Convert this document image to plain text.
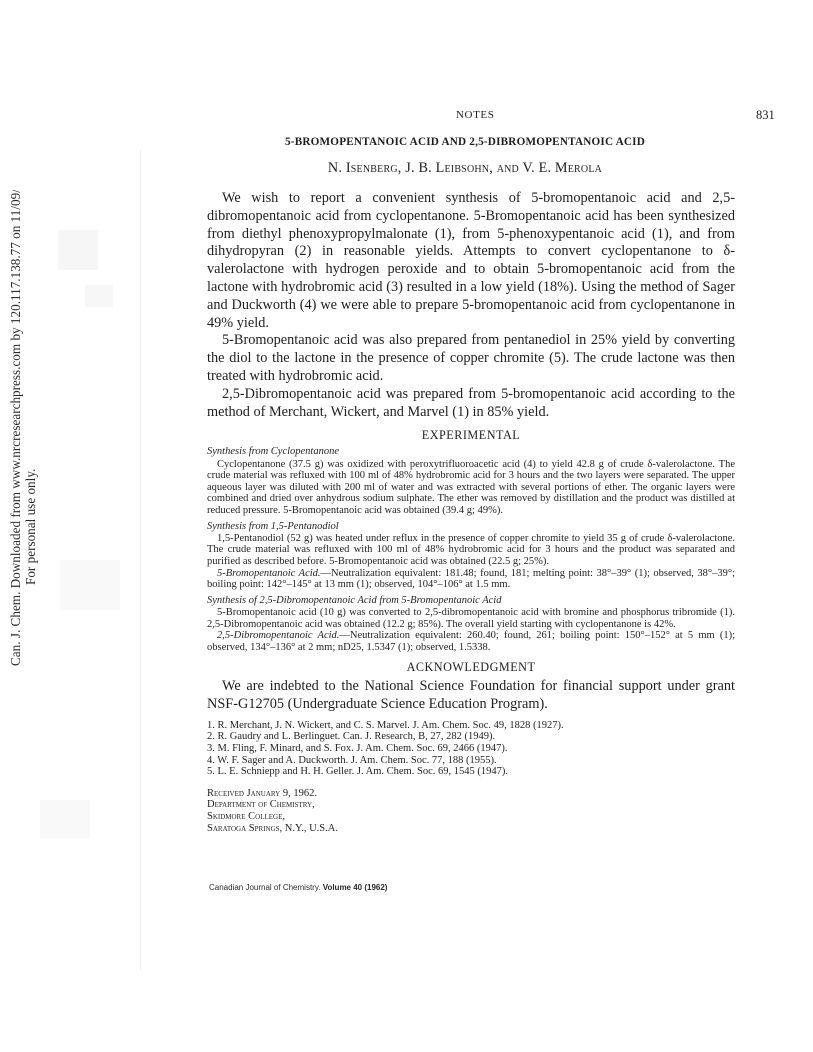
Can. J. Chem. Downloaded from www.nrcresearchpress.com by 120.117.138.77 on 11/09/14 For personal use only.
NOTES	831
5-BROMOPENTANOIC ACID AND 2,5-DIBROMOPENTANOIC ACID
N. Isenberg, J. B. Leibsohn, and V. E. Merola

We wish to report a convenient synthesis of 5-bromopentanoic acid and 2,5-dibromopentanoic acid from cyclopentanone. 5-Bromopentanoic acid has been synthesized from diethyl phenoxypropylmalonate (1), from 5-phenoxypentanoic acid (1), and from dihydropyran (2) in reasonable yields. Attempts to convert cyclopentanone to δ-valerolactone with hydrogen peroxide and to obtain 5-bromopentanoic acid from the lactone with hydrobromic acid (3) resulted in a low yield (18%). Using the method of Sager and Duckworth (4) we were able to prepare 5-bromopentanoic acid from cyclopentanone in 49% yield.

5-Bromopentanoic acid was also prepared from pentanediol in 25% yield by converting the diol to the lactone in the presence of copper chromite (5). The crude lactone was then treated with hydrobromic acid.

2,5-Dibromopentanoic acid was prepared from 5-bromopentanoic acid according to the method of Merchant, Wickert, and Marvel (1) in 85% yield.

EXPERIMENTAL
Synthesis from Cyclopentanone

Cyclopentanone (37.5 g) was oxidized with peroxytrifluoroacetic acid (4) to yield 42.8 g of crude δ-valerolactone. The crude material was refluxed with 100 ml of 48% hydrobromic acid for 3 hours and the two layers were separated. The upper aqueous layer was diluted with 200 ml of water and was extracted with several portions of ether. The organic layers were combined and dried over anhydrous sodium sulphate. The ether was removed by distillation and the product was distilled at reduced pressure. 5-Bromopentanoic acid was obtained (39.4 g; 49%).

Synthesis from 1,5-Pentanodiol

1,5-Pentanodiol (52 g) was heated under reflux in the presence of copper chromite to yield 35 g of crude δ-valerolactone. The crude material was refluxed with 100 ml of 48% hydrobromic acid for 3 hours and the product was separated and purified as described before. 5-Bromopentanoic acid was obtained (22.5 g; 25%).

5-Bromopentanoic Acid.—Neutralization equivalent: 181.48; found, 181; melting point: 38°–39° (1); observed, 38°–39°; boiling point: 142°–145° at 13 mm (1); observed, 104°–106° at 1.5 mm.

Synthesis of 2,5-Dibromopentanoic Acid from 5-Bromopentanoic Acid

5-Bromopentanoic acid (10 g) was converted to 2,5-dibromopentanoic acid with bromine and phosphorus tribromide (1). 2,5-Dibromopentanoic acid was obtained (12.2 g; 85%). The overall yield starting with cyclopentanone is 42%.

2,5-Dibromopentanoic Acid.—Neutralization equivalent: 260.40; found, 261; boiling point: 150°–152° at 5 mm (1); observed, 134°–136° at 2 mm; nD25, 1.5347 (1); observed, 1.5338.

ACKNOWLEDGMENT

We are indebted to the National Science Foundation for financial support under grant NSF-G12705 (Undergraduate Science Education Program).

1. R. Merchant, J. N. Wickert, and C. S. Marvel. J. Am. Chem. Soc. 49, 1828 (1927).
2. R. Gaudry and L. Berlinguet. Can. J. Research, B, 27, 282 (1949).
3. M. Fling, F. Minard, and S. Fox. J. Am. Chem. Soc. 69, 2466 (1947).
4. W. F. Sager and A. Duckworth. J. Am. Chem. Soc. 77, 188 (1955).
5. L. E. Schniepp and H. H. Geller. J. Am. Chem. Soc. 69, 1545 (1947).
Received January 9, 1962.
Department of Chemistry,
Skidmore College,
Saratoga Springs, N.Y., U.S.A.
Canadian Journal of Chemistry. Volume 40 (1962)
